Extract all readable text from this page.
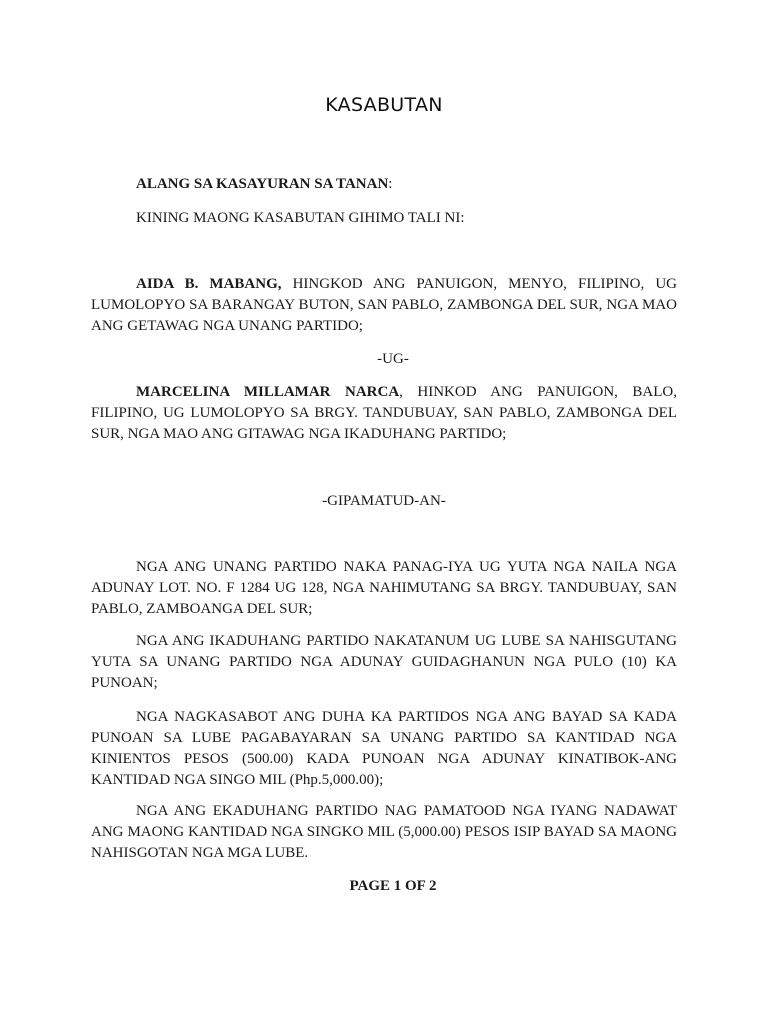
KASABUTAN
ALANG SA KASAYURAN SA TANAN:
KINING MAONG KASABUTAN GIHIMO TALI NI:
AIDA B. MABANG, HINGKOD ANG PANUIGON, MENYO, FILIPINO, UG LUMOLOPYO SA BARANGAY BUTON, SAN PABLO, ZAMBONGA DEL SUR, NGA MAO ANG GETAWAG NGA UNANG PARTIDO;
-UG-
MARCELINA MILLAMAR NARCA, HINKOD ANG PANUIGON, BALO, FILIPINO, UG LUMOLOPYO SA BRGY. TANDUBUAY, SAN PABLO, ZAMBONGA DEL SUR, NGA MAO ANG GITAWAG NGA IKADUHANG PARTIDO;
-GIPAMATUD-AN-
NGA ANG UNANG PARTIDO NAKA PANAG-IYA UG YUTA NGA NAILA NGA ADUNAY LOT. NO. F 1284 UG 128, NGA NAHIMUTANG SA BRGY. TANDUBUAY, SAN PABLO, ZAMBOANGA DEL SUR;
NGA ANG IKADUHANG PARTIDO NAKATANUM UG LUBE SA NAHISGUTANG YUTA SA UNANG PARTIDO NGA ADUNAY GUIDAGHANUN NGA PULO (10) KA PUNOAN;
NGA NAGKASABOT ANG DUHA KA PARTIDOS NGA ANG BAYAD SA KADA PUNOAN SA LUBE PAGABAYARAN SA UNANG PARTIDO SA KANTIDAD NGA KINIENTOS PESOS (500.00) KADA PUNOAN NGA ADUNAY KINATIBOK-ANG KANTIDAD NGA SINGO MIL (Php.5,000.00);
NGA ANG EKADUHANG PARTIDO NAG PAMATOOD NGA IYANG NADAWAT ANG MAONG KANTIDAD NGA SINGKO MIL (5,000.00) PESOS ISIP BAYAD SA MAONG NAHISGOTAN NGA MGA LUBE.
PAGE 1 OF 2
